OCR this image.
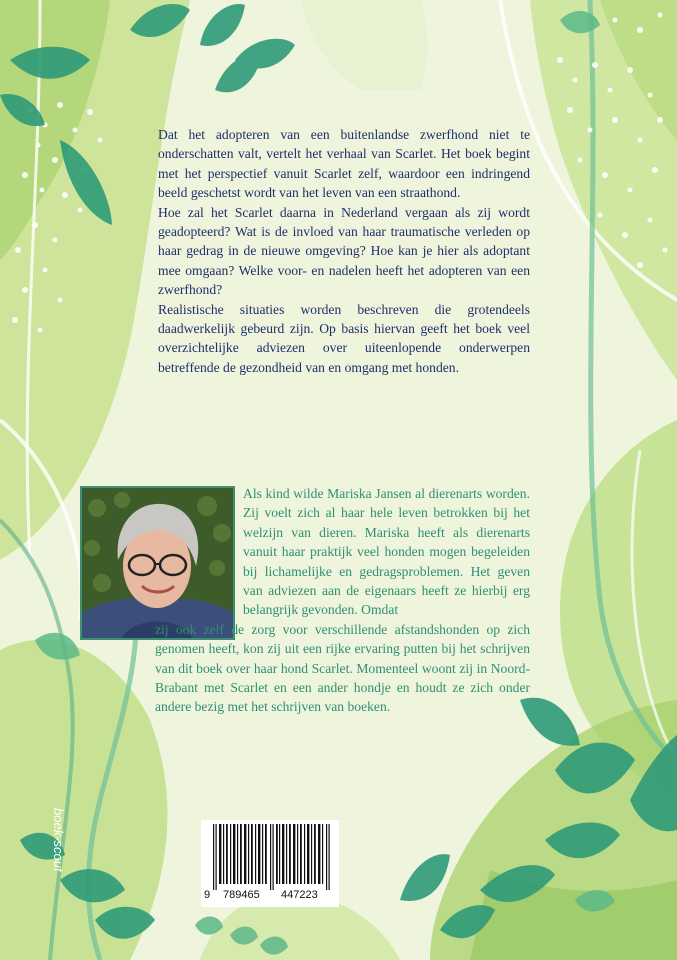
Dat het adopteren van een buitenlandse zwerfhond niet te onderschatten valt, vertelt het verhaal van Scarlet. Het boek begint met het perspectief vanuit Scarlet zelf, waardoor een indringend beeld geschetst wordt van het leven van een straathond.

Hoe zal het Scarlet daarna in Nederland vergaan als zij wordt geadopteerd? Wat is de invloed van haar traumatische verleden op haar gedrag in de nieuwe omgeving? Hoe kan je hier als adoptant mee omgaan? Welke voor- en nadelen heeft het adopteren van een zwerfhond?

Realistische situaties worden beschreven die grotendeels daadwerkelijk gebeurd zijn. Op basis hiervan geeft het boek veel overzichtelijke adviezen over uiteenlopende onderwerpen betreffende de gezondheid van en omgang met honden.

Als kind wilde Mariska Jansen al dierenarts worden. Zij voelt zich al haar hele leven betrokken bij het welzijn van dieren. Mariska heeft als dierenarts vanuit haar praktijk veel honden mogen begeleiden bij lichamelijke en gedragsproblemen. Het geven van adviezen aan de eigenaars heeft ze hierbij erg belangrijk gevonden. Omdat
zij ook zelf de zorg voor verschillende afstandshonden op zich genomen heeft, kon zij uit een rijke ervaring putten bij het schrijven van dit boek over haar hond Scarlet. Momenteel woont zij in Noord-Brabant met Scarlet en een ander hondje en houdt ze zich onder andere bezig met het schrijven van boeken.
boek-scout
9 789465 447223
